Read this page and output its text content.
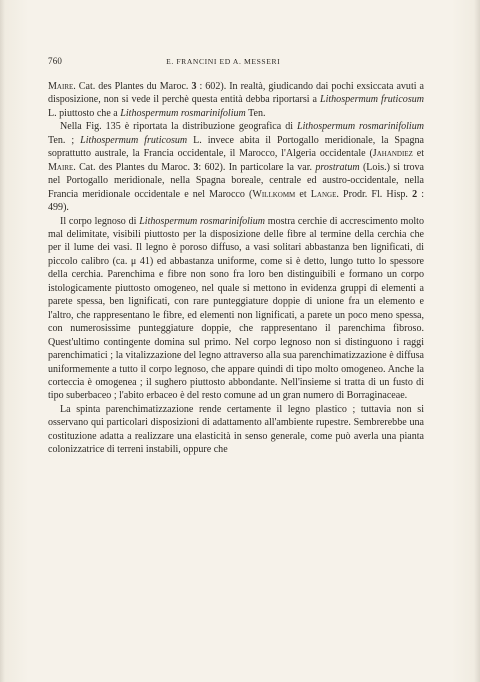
760	E. FRANCINI ED A. MESSERI

Maire. Cat. des Plantes du Maroc. 3 : 602). In realtà, giudicando dai pochi exsiccata avuti a disposizione, non si vede il perchè questa entità debba riportarsi a Lithospermum fruticosum L. piuttosto che a Lithospermum rosmarinifolium Ten.

Nella Fig. 135 è riportata la distribuzione geografica di Lithospermum rosmarinifolium Ten. ; Lithospermum fruticosum L. invece abita il Portogallo meridionale, la Spagna soprattutto australe, la Francia occidentale, il Marocco, l'Algeria occidentale (Jahandiez et Maire. Cat. des Plantes du Maroc. 3: 602). In particolare la var. prostratum (Lois.) si trova nel Portogallo meridionale, nella Spagna boreale, centrale ed austro-occidentale, nella Francia meridionale occidentale e nel Marocco (Willkomm et Lange. Prodr. Fl. Hisp. 2 : 499).

Il corpo legnoso di Lithospermum rosmarinifolium mostra cerchie di accrescimento molto mal delimitate, visibili piuttosto per la disposizione delle fibre al termine della cerchia che per il lume dei vasi. Il legno è poroso diffuso, a vasi solitari abbastanza ben lignificati, di piccolo calibro (ca. μ 41) ed abbastanza uniforme, come si è detto, lungo tutto lo spessore della cerchia. Parenchima e fibre non sono fra loro ben distinguibili e formano un corpo istologicamente piuttosto omogeneo, nel quale si mettono in evidenza gruppi di elementi a parete spessa, ben lignificati, con rare punteggiature doppie di unione fra un elemento e l'altro, che rappresentano le fibre, ed elementi non lignificati, a parete un poco meno spessa, con numerosissime punteggiature doppie, che rappresentano il parenchima fibroso. Quest'ultimo contingente domina sul primo. Nel corpo legnoso non si distinguono i raggi parenchimatici ; la vitalizzazione del legno attraverso alla sua parenchimatizzazione è diffusa uniformemente a tutto il corpo legnoso, che appare quindi di tipo molto omogeneo. Anche la corteccia è omogenea ; il sughero piuttosto abbondante. Nell'insieme si tratta di un fusto di tipo suberbaceo ; l'abito erbaceo è del resto comune ad un gran numero di Borraginaceae.

La spinta parenchimatizzazione rende certamente il legno plastico ; tuttavia non si osservano qui particolari disposizioni di adattamento all'ambiente rupestre. Sembrerebbe una costituzione adatta a realizzare una elasticità in senso generale, come può averla una pianta colonizzatrice di terreni instabili, oppure che
